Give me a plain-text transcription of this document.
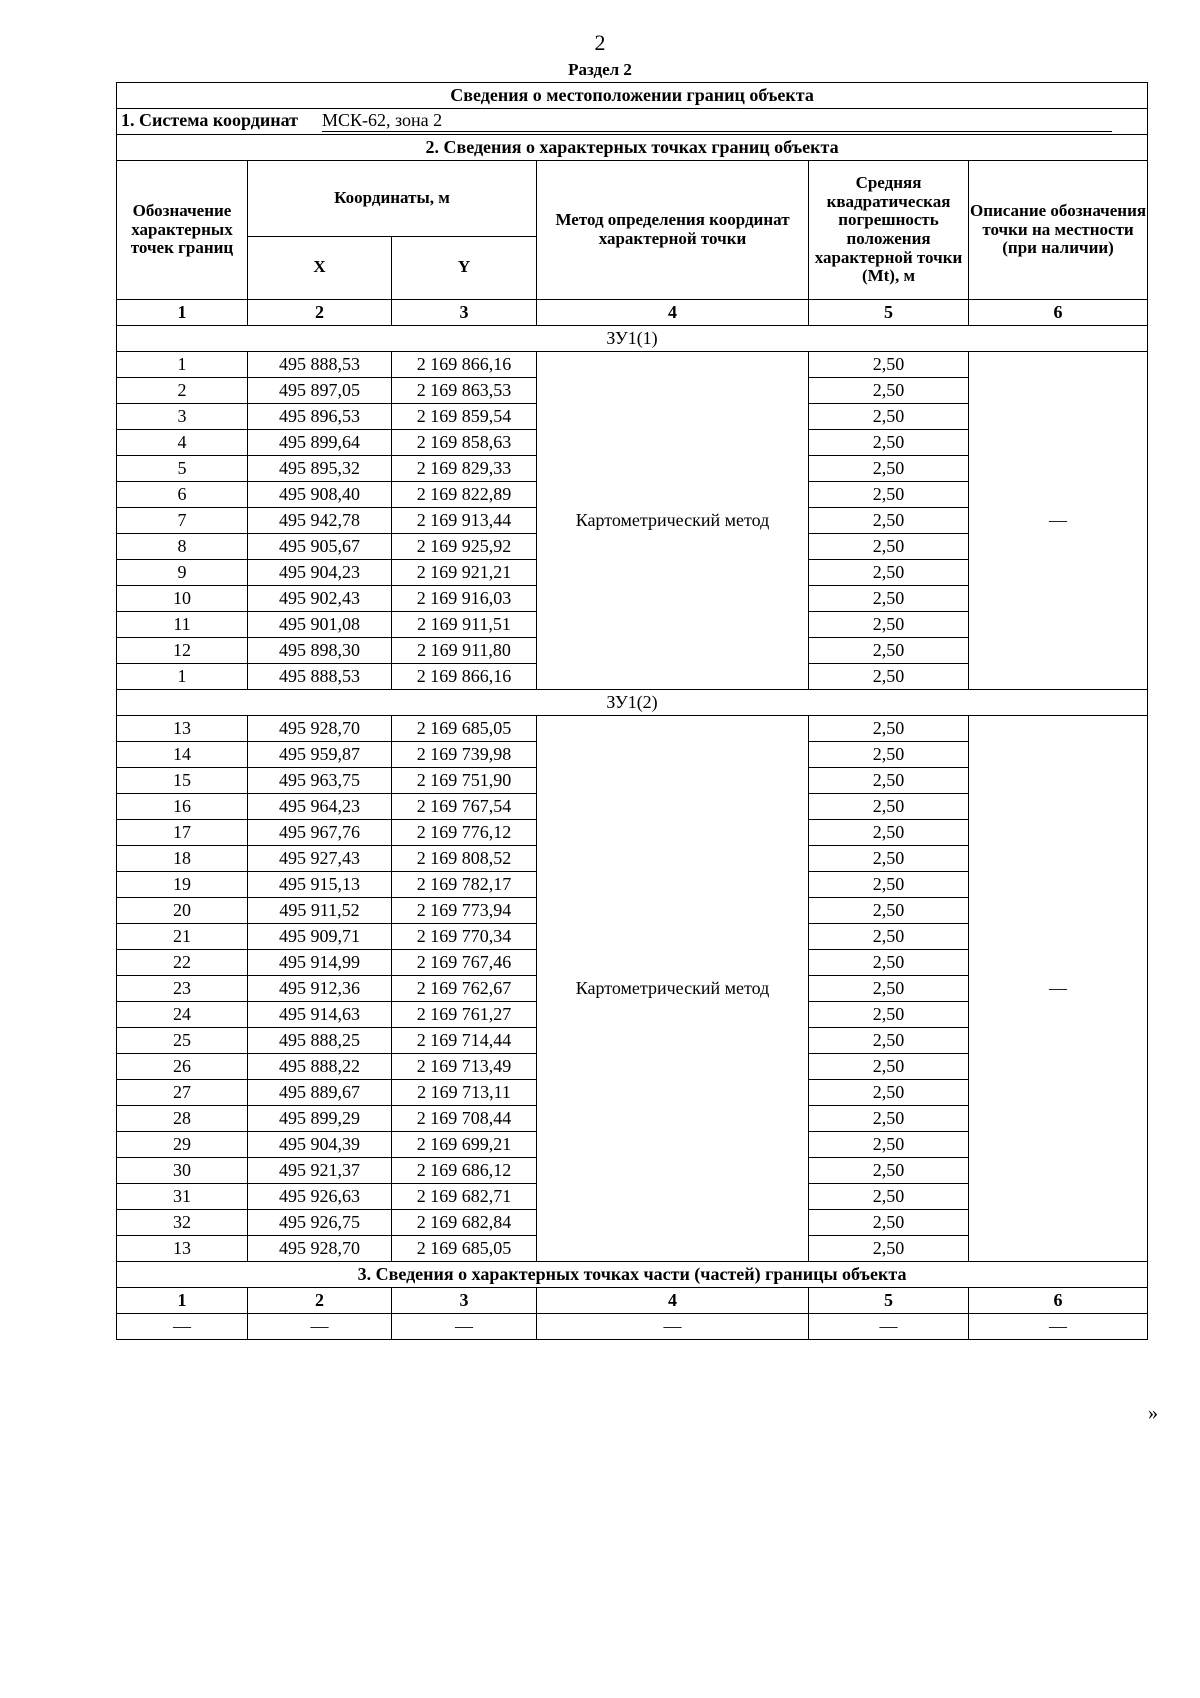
2
Раздел 2
Сведения о местоположении границ объекта					
1. Система координат МСК-62, зона 2					
2. Сведения о характерных точках границ объекта					
Обозначение характерных точек границ	Координаты, м		Метод определения координат характерной точки	Средняя квадратическая погрешность положения характерной точки (Mt), м	Описание обозначения точки на местности (при наличии)
	X	Y			
1	2	3	4	5	6
ЗУ1(1)					
1	495 888,53	2 169 866,16	Картометрический метод	2,50	—
2	495 897,05	2 169 863,53		2,50	
3	495 896,53	2 169 859,54		2,50	
4	495 899,64	2 169 858,63		2,50	
5	495 895,32	2 169 829,33		2,50	
6	495 908,40	2 169 822,89		2,50	
7	495 942,78	2 169 913,44		2,50	
8	495 905,67	2 169 925,92		2,50	
9	495 904,23	2 169 921,21		2,50	
10	495 902,43	2 169 916,03		2,50	
11	495 901,08	2 169 911,51		2,50	
12	495 898,30	2 169 911,80		2,50	
1	495 888,53	2 169 866,16		2,50	
ЗУ1(2)					
13	495 928,70	2 169 685,05	Картометрический метод	2,50	—
14	495 959,87	2 169 739,98		2,50	
15	495 963,75	2 169 751,90		2,50	
16	495 964,23	2 169 767,54		2,50	
17	495 967,76	2 169 776,12		2,50	
18	495 927,43	2 169 808,52		2,50	
19	495 915,13	2 169 782,17		2,50	
20	495 911,52	2 169 773,94		2,50	
21	495 909,71	2 169 770,34		2,50	
22	495 914,99	2 169 767,46		2,50	
23	495 912,36	2 169 762,67		2,50	
24	495 914,63	2 169 761,27		2,50	
25	495 888,25	2 169 714,44		2,50	
26	495 888,22	2 169 713,49		2,50	
27	495 889,67	2 169 713,11		2,50	
28	495 899,29	2 169 708,44		2,50	
29	495 904,39	2 169 699,21		2,50	
30	495 921,37	2 169 686,12		2,50	
31	495 926,63	2 169 682,71		2,50	
32	495 926,75	2 169 682,84		2,50	
13	495 928,70	2 169 685,05		2,50	
3. Сведения о характерных точках части (частей) границы объекта					
1	2	3	4	5	6
—	—	—	—	—	—
»
